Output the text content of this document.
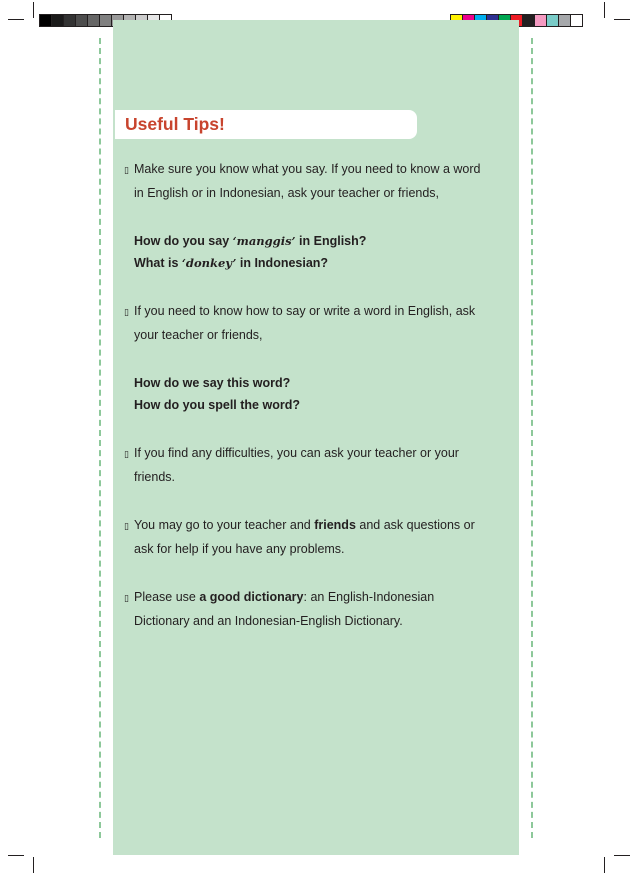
Useful Tips!
▯ Make sure you know what you say. If you need to know a word
in English or in Indonesian, ask your teacher or friends,
How do you say ‘manggis’ in English?
What is ‘donkey’ in Indonesian?
▯ If you need to know how to say or write a word in English, ask
your teacher or friends,
How do we say this word?
How do you spell the word?
▯ If you find any difficulties, you can ask your teacher or your
friends.
▯ You may go to your teacher and friends and ask questions or
ask for help if you have any problems.
▯ Please use a good dictionary: an English-Indonesian
Dictionary and an Indonesian-English Dictionary.
